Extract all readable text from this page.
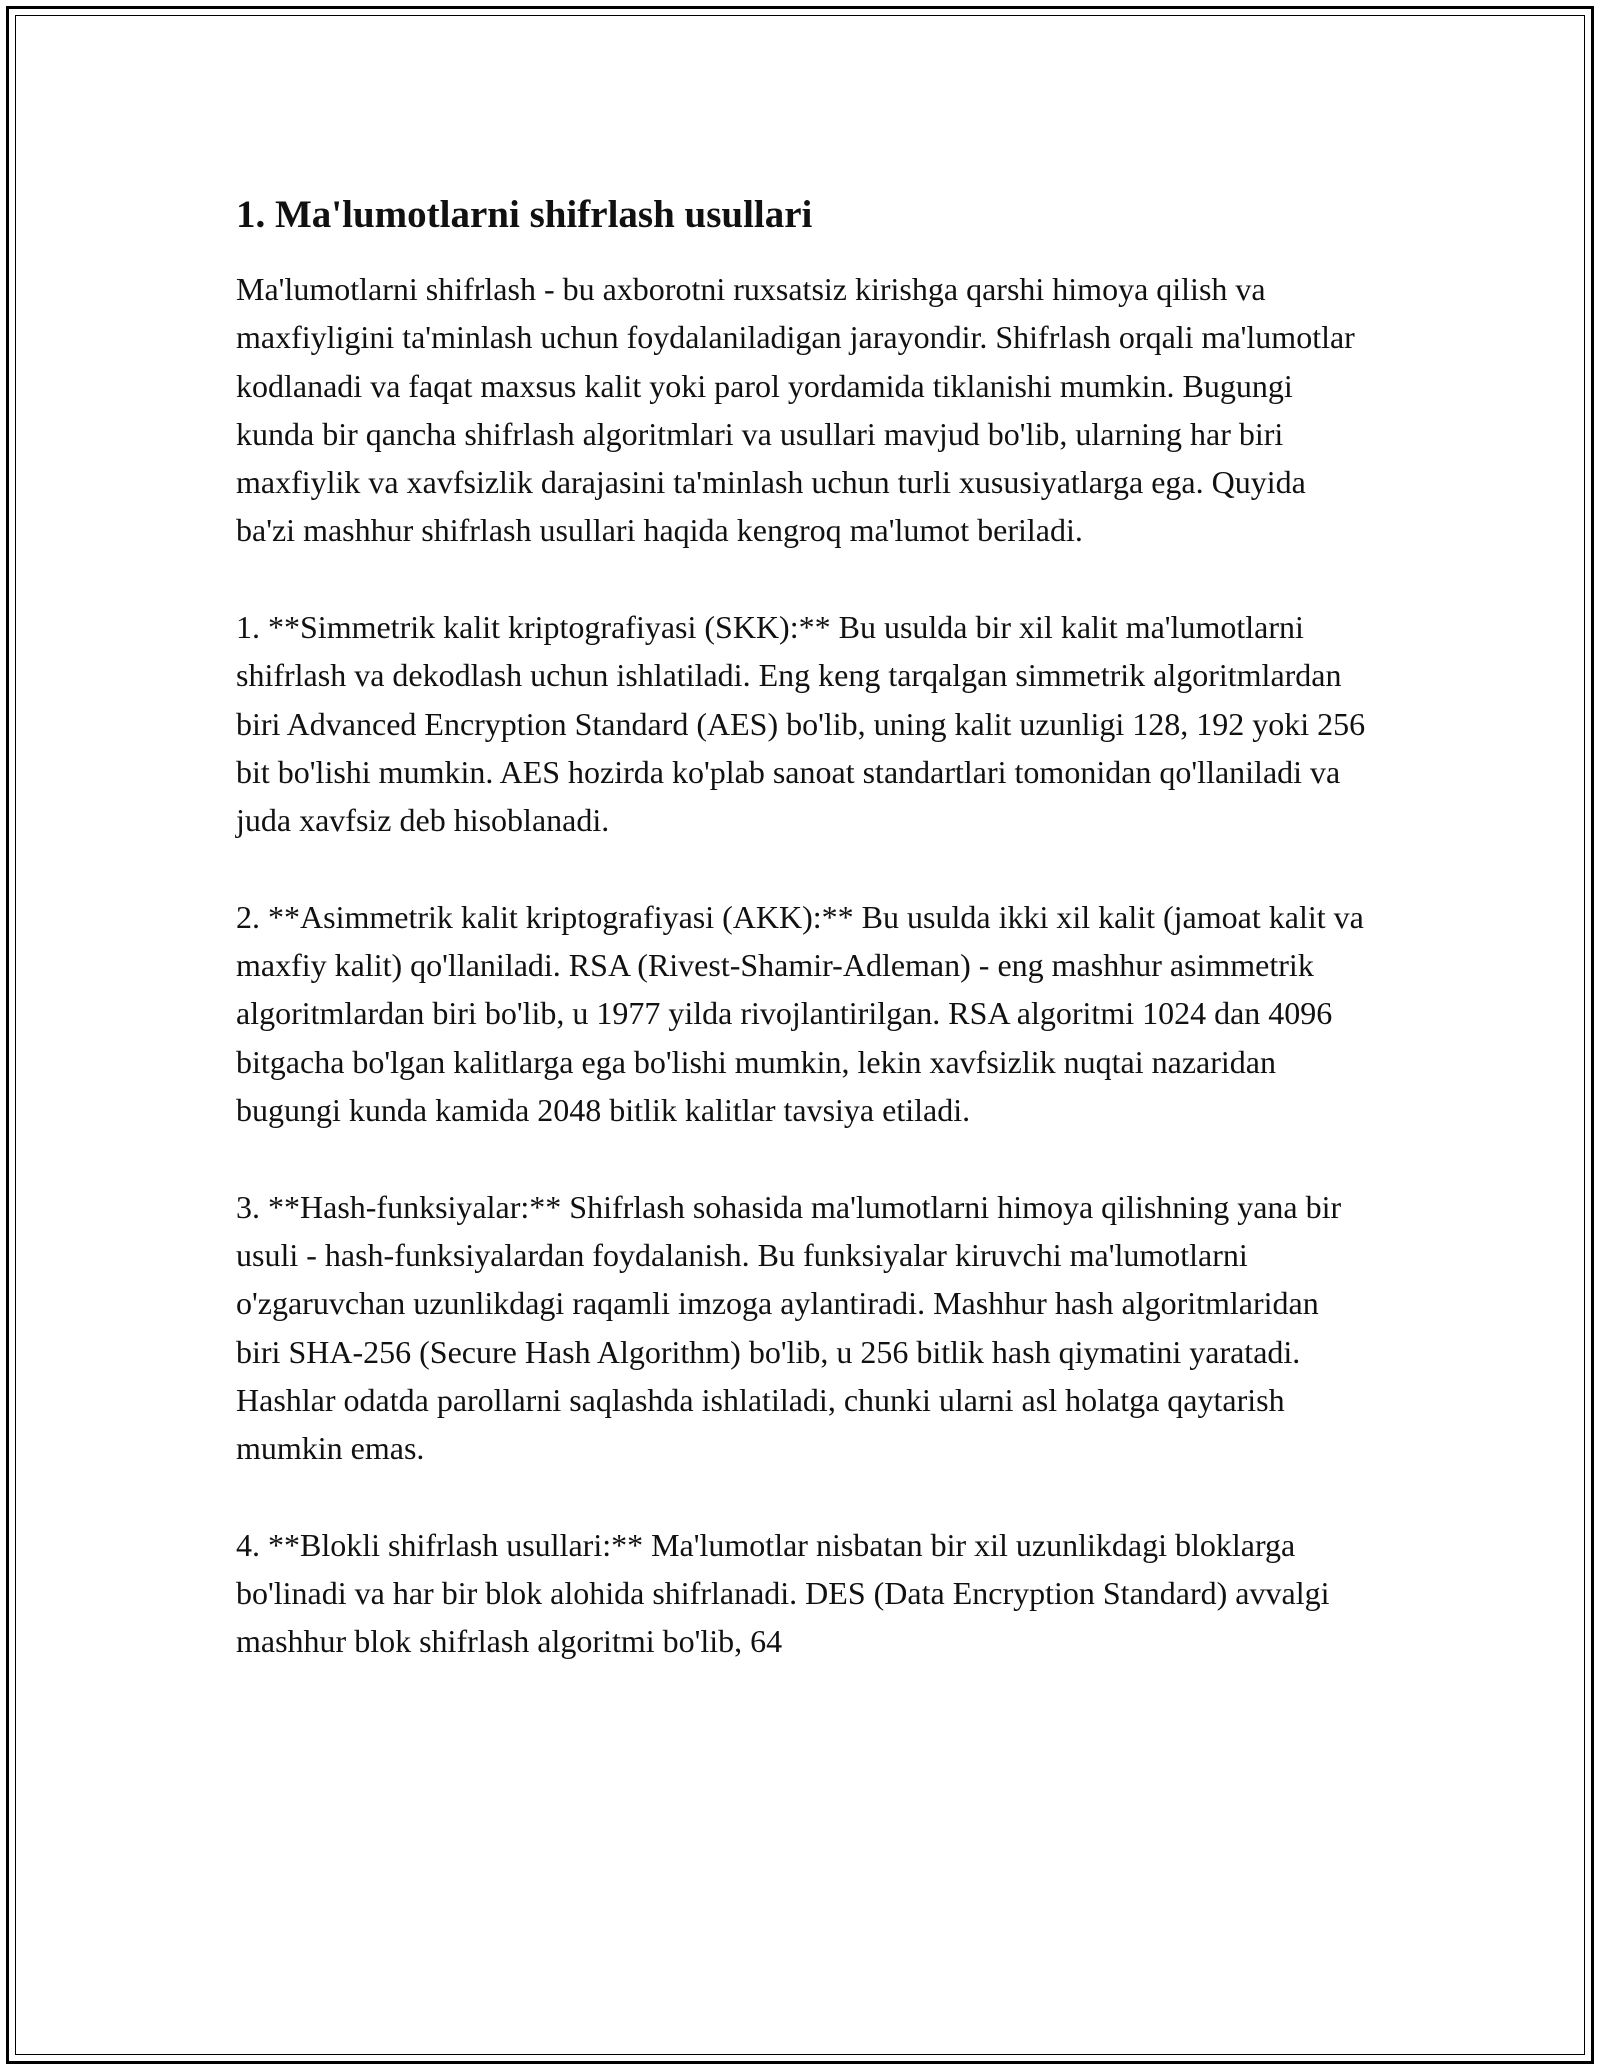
1. Ma'lumotlarni shifrlash usullari

Ma'lumotlarni shifrlash - bu axborotni ruxsatsiz kirishga qarshi himoya qilish va maxfiyligini ta'minlash uchun foydalaniladigan jarayondir. Shifrlash orqali ma'lumotlar kodlanadi va faqat maxsus kalit yoki parol yordamida tiklanishi mumkin. Bugungi kunda bir qancha shifrlash algoritmlari va usullari mavjud bo'lib, ularning har biri maxfiylik va xavfsizlik darajasini ta'minlash uchun turli xususiyatlarga ega. Quyida ba'zi mashhur shifrlash usullari haqida kengroq ma'lumot beriladi.

1. **Simmetrik kalit kriptografiyasi (SKK):** Bu usulda bir xil kalit ma'lumotlarni shifrlash va dekodlash uchun ishlatiladi. Eng keng tarqalgan simmetrik algoritmlardan biri Advanced Encryption Standard (AES) bo'lib, uning kalit uzunligi 128, 192 yoki 256 bit bo'lishi mumkin. AES hozirda ko'plab sanoat standartlari tomonidan qo'llaniladi va juda xavfsiz deb hisoblanadi.

2. **Asimmetrik kalit kriptografiyasi (AKK):** Bu usulda ikki xil kalit (jamoat kalit va maxfiy kalit) qo'llaniladi. RSA (Rivest-Shamir-Adleman) - eng mashhur asimmetrik algoritmlardan biri bo'lib, u 1977 yilda rivojlantirilgan. RSA algoritmi 1024 dan 4096 bitgacha bo'lgan kalitlarga ega bo'lishi mumkin, lekin xavfsizlik nuqtai nazaridan bugungi kunda kamida 2048 bitlik kalitlar tavsiya etiladi.

3. **Hash-funksiyalar:** Shifrlash sohasida ma'lumotlarni himoya qilishning yana bir usuli - hash-funksiyalardan foydalanish. Bu funksiyalar kiruvchi ma'lumotlarni o'zgaruvchan uzunlikdagi raqamli imzoga aylantiradi. Mashhur hash algoritmlaridan biri SHA-256 (Secure Hash Algorithm) bo'lib, u 256 bitlik hash qiymatini yaratadi. Hashlar odatda parollarni saqlashda ishlatiladi, chunki ularni asl holatga qaytarish mumkin emas.

4. **Blokli shifrlash usullari:** Ma'lumotlar nisbatan bir xil uzunlikdagi bloklarga bo'linadi va har bir blok alohida shifrlanadi. DES (Data Encryption Standard) avvalgi mashhur blok shifrlash algoritmi bo'lib, 64
